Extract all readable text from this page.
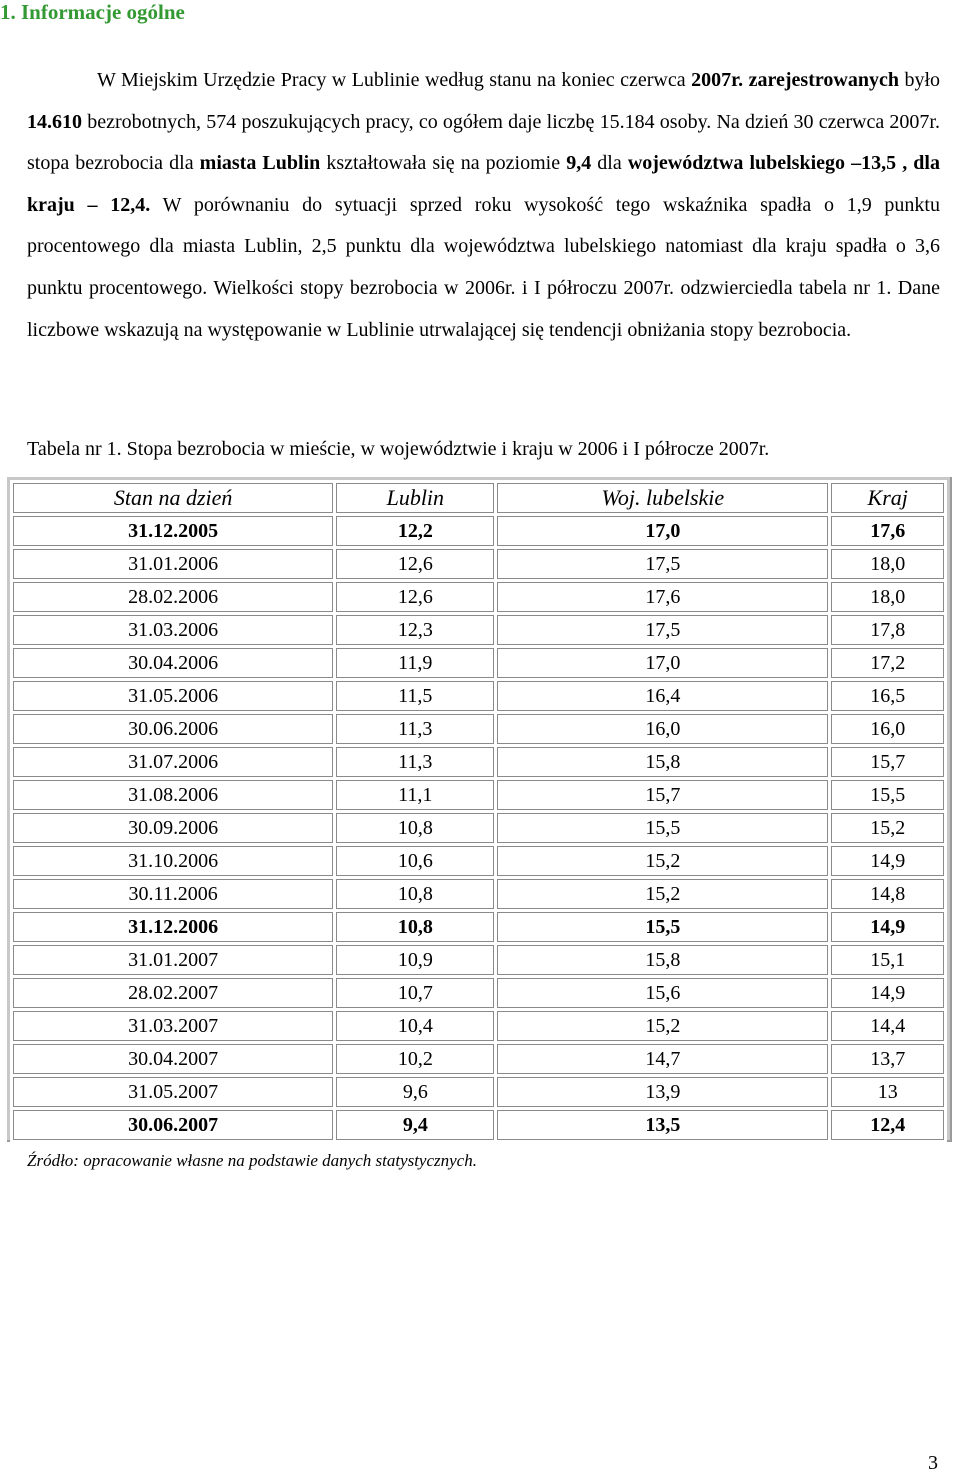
1. Informacje ogólne
W Miejskim Urzędzie Pracy w Lublinie według stanu na koniec czerwca 2007r. zarejestrowanych było 14.610 bezrobotnych, 574 poszukujących pracy, co ogółem daje liczbę 15.184 osoby. Na dzień 30 czerwca 2007r. stopa bezrobocia dla miasta Lublin kształtowała się na poziomie 9,4 dla województwa lubelskiego –13,5 , dla kraju – 12,4. W porównaniu do sytuacji sprzed roku wysokość tego wskaźnika spadła o 1,9 punktu procentowego dla miasta Lublin, 2,5 punktu dla województwa lubelskiego natomiast dla kraju spadła o 3,6 punktu procentowego. Wielkości stopy bezrobocia w 2006r. i I półroczu 2007r. odzwierciedla tabela nr 1. Dane liczbowe wskazują na występowanie w Lublinie utrwalającej się tendencji obniżania stopy bezrobocia.
Tabela nr 1. Stopa bezrobocia w mieście, w województwie i kraju w 2006 i I półrocze 2007r.
Stan na dzień	Lublin	Woj. lubelskie	Kraj
31.12.2005	12,2	17,0	17,6
31.01.2006	12,6	17,5	18,0
28.02.2006	12,6	17,6	18,0
31.03.2006	12,3	17,5	17,8
30.04.2006	11,9	17,0	17,2
31.05.2006	11,5	16,4	16,5
30.06.2006	11,3	16,0	16,0
31.07.2006	11,3	15,8	15,7
31.08.2006	11,1	15,7	15,5
30.09.2006	10,8	15,5	15,2
31.10.2006	10,6	15,2	14,9
30.11.2006	10,8	15,2	14,8
31.12.2006	10,8	15,5	14,9
31.01.2007	10,9	15,8	15,1
28.02.2007	10,7	15,6	14,9
31.03.2007	10,4	15,2	14,4
30.04.2007	10,2	14,7	13,7
31.05.2007	9,6	13,9	13
30.06.2007	9,4	13,5	12,4
Źródło: opracowanie własne na podstawie danych statystycznych.
3
